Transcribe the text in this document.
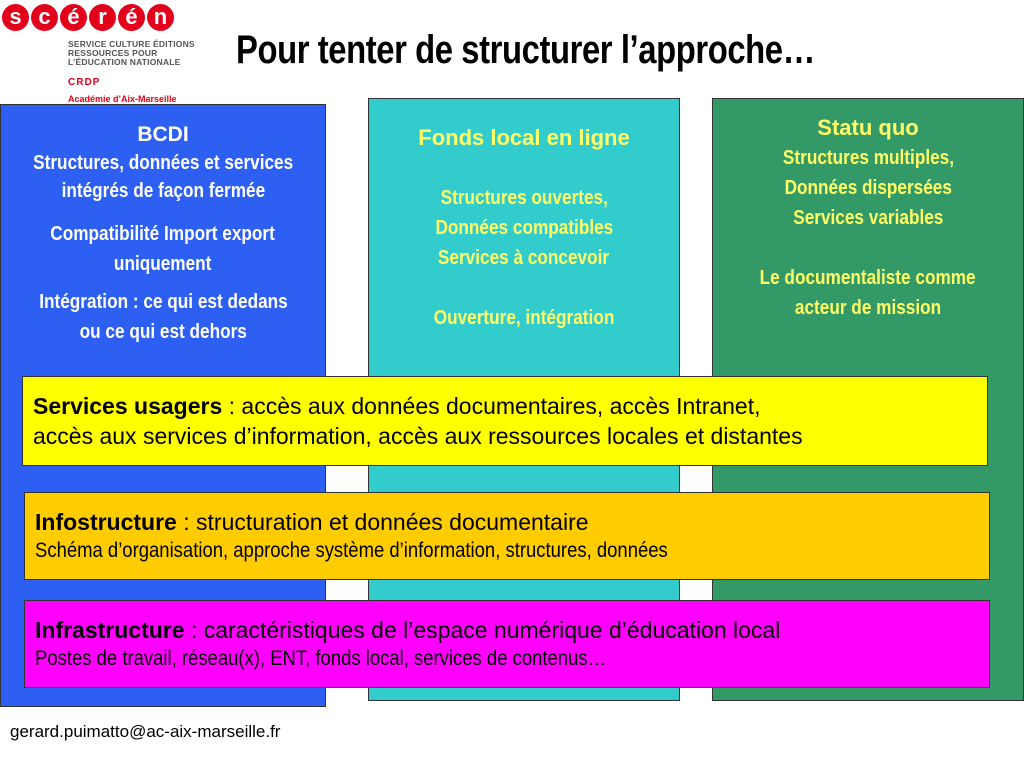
s c é r é n
SERVICE CULTURE ÉDITIONS
RESSOURCES POUR
L’ÉDUCATION NATIONALE
CRDP
Académie d’Aix-Marseille
Pour tenter de structurer l’approche…
BCDI
Structures, données et services
intégrés de façon fermée
Compatibilité Import export
uniquement
Intégration : ce qui est dedans
ou ce qui est dehors
Fonds local en ligne
Structures ouvertes,
Données compatibles
Services à concevoir
Ouverture, intégration
Statu quo
Structures multiples,
Données dispersées
Services variables
Le documentaliste comme
acteur de mission
Services usagers : accès aux données documentaires, accès Intranet,
accès aux services d’information, accès aux ressources locales et distantes
Infostructure : structuration et données documentaire
Schéma d’organisation, approche système d’information, structures, données
Infrastructure : caractéristiques de l’espace numérique d’éducation local
Postes de travail, réseau(x), ENT, fonds local, services de contenus…
gerard.puimatto@ac-aix-marseille.fr
